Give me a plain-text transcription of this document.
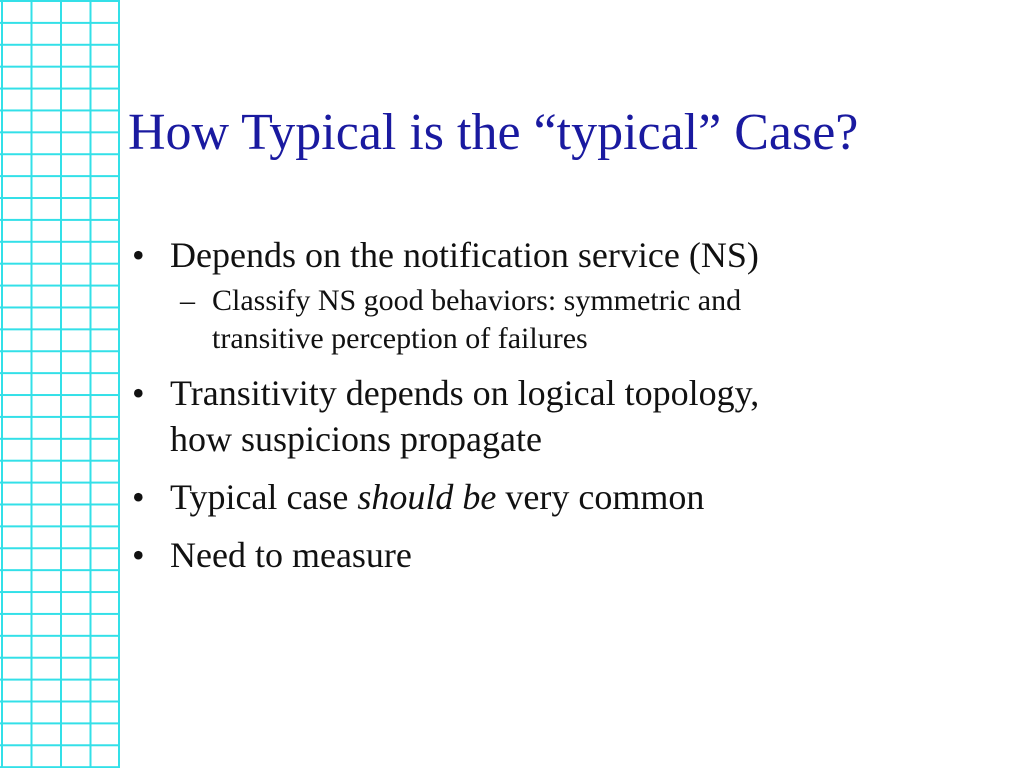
How Typical is the “typical” Case?
• Depends on the notification service (NS)
– Classify NS good behaviors: symmetric and
transitive perception of failures
• Transitivity depends on logical topology,
how suspicions propagate
• Typical case should be very common
• Need to measure
